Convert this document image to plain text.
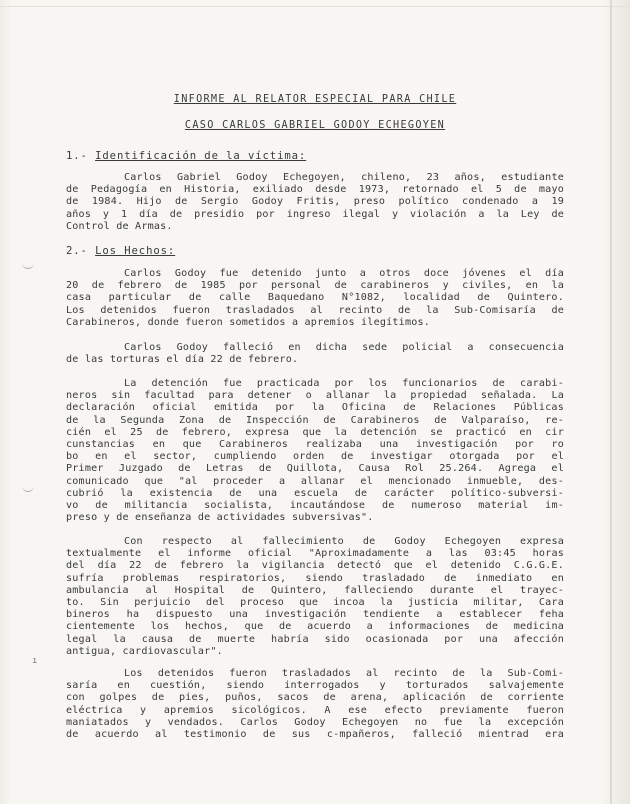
ı
INFORME AL RELATOR ESPECIAL PARA CHILE
CASO CARLOS GABRIEL GODOY ECHEGOYEN
1.- Identificación de la víctima:
Carlos Gabriel Godoy Echegoyen, chileno, 23 años, estudiante
de Pedagogía en Historia, exiliado desde 1973, retornado el 5 de mayo
de 1984. Hijo de Sergio Godoy Fritis, preso político condenado a 19
años y 1 día de presidio por ingreso ilegal y violación a la Ley de
Control de Armas.
2.- Los Hechos:
Carlos Godoy fue detenido junto a otros doce jóvenes el día
20 de febrero de 1985 por personal de carabineros y civiles, en la
casa particular de calle Baquedano N°1082, localidad de Quintero.
Los detenidos fueron trasladados al recinto de la Sub-Comisaría de
Carabineros, donde fueron sometidos a apremios ilegítimos.
Carlos Godoy falleció en dicha sede policial a consecuencia
de las torturas el día 22 de febrero.
La detención fue practicada por los funcionarios de carabi-
neros sin facultad para detener o allanar la propiedad señalada. La
declaración oficial emitida por la Oficina de Relaciones Públicas
de la Segunda Zona de Inspección de Carabineros de Valparaíso, re-
cién el 25 de febrero, expresa que la detención se practicó en cir
cunstancias en que Carabineros realizaba una investigación por ro
bo en el sector, cumpliendo orden de investigar otorgada por el
Primer Juzgado de Letras de Quillota, Causa Rol 25.264. Agrega el
comunicado que "al proceder a allanar el mencionado inmueble, des-
cubrió la existencia de una escuela de carácter político-subversi-
vo de militancia socialista, incautándose de numeroso material im-
preso y de enseñanza de actividades subversivas".
Con respecto al fallecimiento de Godoy Echegoyen expresa
textualmente el informe oficial "Aproximadamente a las 03:45 horas
del día 22 de febrero la vigilancia detectó que el detenido C.G.G.E.
sufría problemas respiratorios, siendo trasladado de inmediato en
ambulancia al Hospital de Quintero, falleciendo durante el trayec-
to. Sin perjuicio del proceso que incoa la justicia militar, Cara
bineros ha dispuesto una investigación tendiente a establecer feha
cientemente los hechos, que de acuerdo a informaciones de medicina
legal la causa de muerte habría sido ocasionada por una afección
antigua, cardiovascular".
Los detenidos fueron trasladados al recinto de la Sub-Comi-
saría en cuestión, siendo interrogados y torturados salvajemente
con golpes de pies, puños, sacos de arena, aplicación de corriente
eléctrica y apremios sicológicos. A ese efecto previamente fueron
maniatados y vendados. Carlos Godoy Echegoyen no fue la excepción
de acuerdo al testimonio de sus c-mpañeros, falleció mientrad era
